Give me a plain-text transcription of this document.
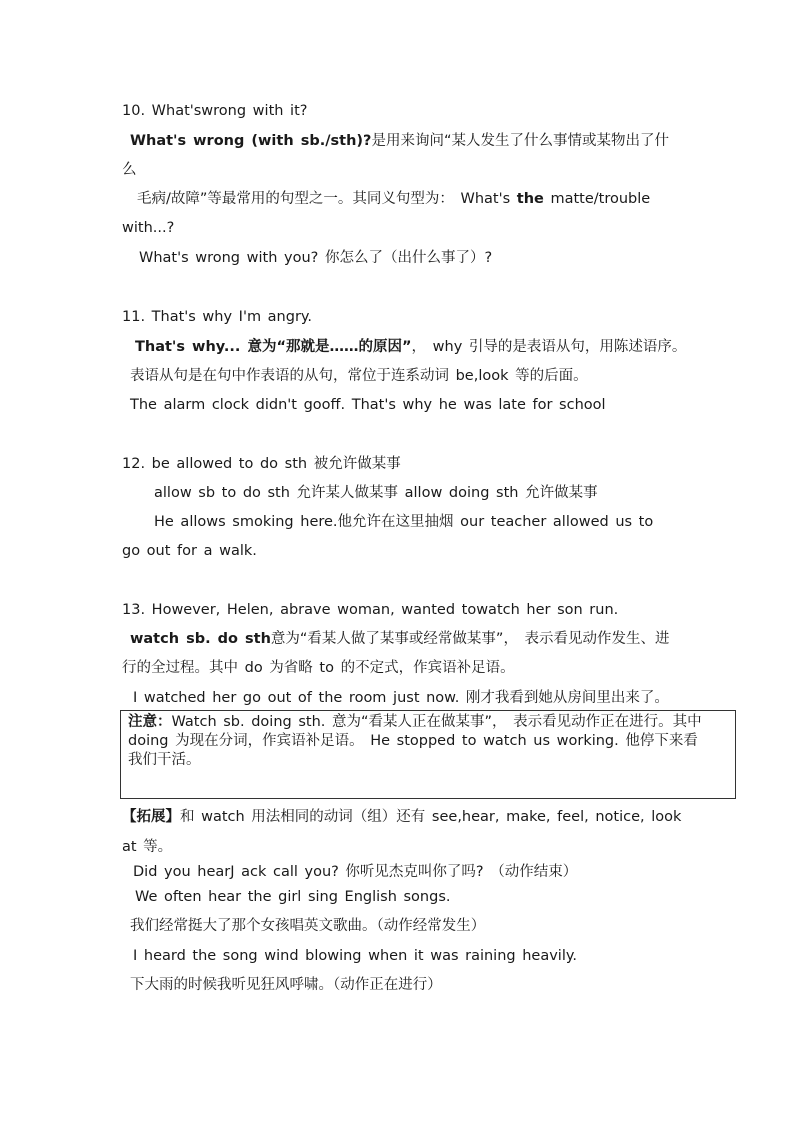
10. What'swrong with it?
What's wrong (with sb./sth)?是用来询问“某人发生了什么事情或某物出了什
么
毛病/故障”等最常用的句型之一。其同义句型为： What's the matte/trouble
with...?
What's wrong with you? 你怎么了（出什么事了）?
11. That's why I'm angry.
That's why... 意为“那就是……的原因”， why 引导的是表语从句，用陈述语序。
表语从句是在句中作表语的从句，常位于连系动词 be,look 等的后面。
The alarm clock didn't gooff. That's why he was late for school
12. be allowed to do sth 被允许做某事
allow sb to do sth 允许某人做某事 allow doing sth 允许做某事
He allows smoking here.他允许在这里抽烟 our teacher allowed us to
go out for a walk.
13. However, Helen, abrave woman, wanted towatch her son run.
watch sb. do sth意为“看某人做了某事或经常做某事”， 表示看见动作发生、进
行的全过程。其中 do 为省略 to 的不定式，作宾语补足语。
I watched her go out of the room just now. 刚才我看到她从房间里出来了。
注意：Watch sb. doing sth. 意为“看某人正在做某事”， 表示看见动作正在进行。其中
doing 为现在分词，作宾语补足语。 He stopped to watch us working. 他停下来看
我们干活。
【拓展】和 watch 用法相同的动词（组）还有 see,hear, make, feel, notice, look
at 等。
Did you hearJ ack call you? 你听见杰克叫你了吗? （动作结束）
We often hear the girl sing English songs.
我们经常挺大了那个女孩唱英文歌曲。（动作经常发生）
I heard the song wind blowing when it was raining heavily.
下大雨的时候我听见狂风呼啸。（动作正在进行）
